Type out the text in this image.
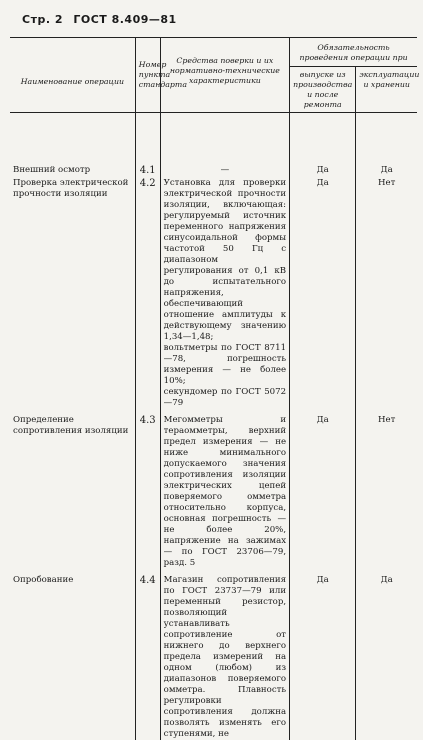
Стр. 2 ГОСТ 8.409—81
Наименование операции	Номер пункта стандарта	Средства поверки и их нормативно-технические характеристики	Обязательность проведения операции при	
			выпуске из производства и после ремонта	эксплуатации и хранении
Внешний осмотр	4.1	—	Да	Да
Проверка электрической прочности изоляции	4.2	Установка для проверки электрической прочности изоляции, включающая: регулируемый источник переменного напряжения синусоидальной формы частотой 50 Гц с диапазоном регулирования от 0,1 кВ до испытательного напряжения, обеспечивающий отношение амплитуды к действующему значению 1,34—1,48;
вольтметры по ГОСТ 8711—78, погрешность измерения — не более 10%;
секундомер по ГОСТ 5072—79	Да	Нет
Определение сопротивления изоляции	4.3	Мегомметры и тераомметры, верхний предел измерения — не ниже минимального допускаемого значения сопротивления изоляции электрических цепей поверяемого омметра относительно корпуса, основная погрешность — не более 20%, напряжение на зажимах — по ГОСТ 23706—79, разд. 5	Да	Нет
Опробование	4.4	Магазин сопротивления по ГОСТ 23737—79 или переменный резистор, позволяющий устанавливать сопротивление от нижнего до верхнего предела измерений на одном (любом) из диапазонов поверяемого омметра. Плавность регулировки сопротивления должна позволять изменять его ступенями, не	Да	Да
